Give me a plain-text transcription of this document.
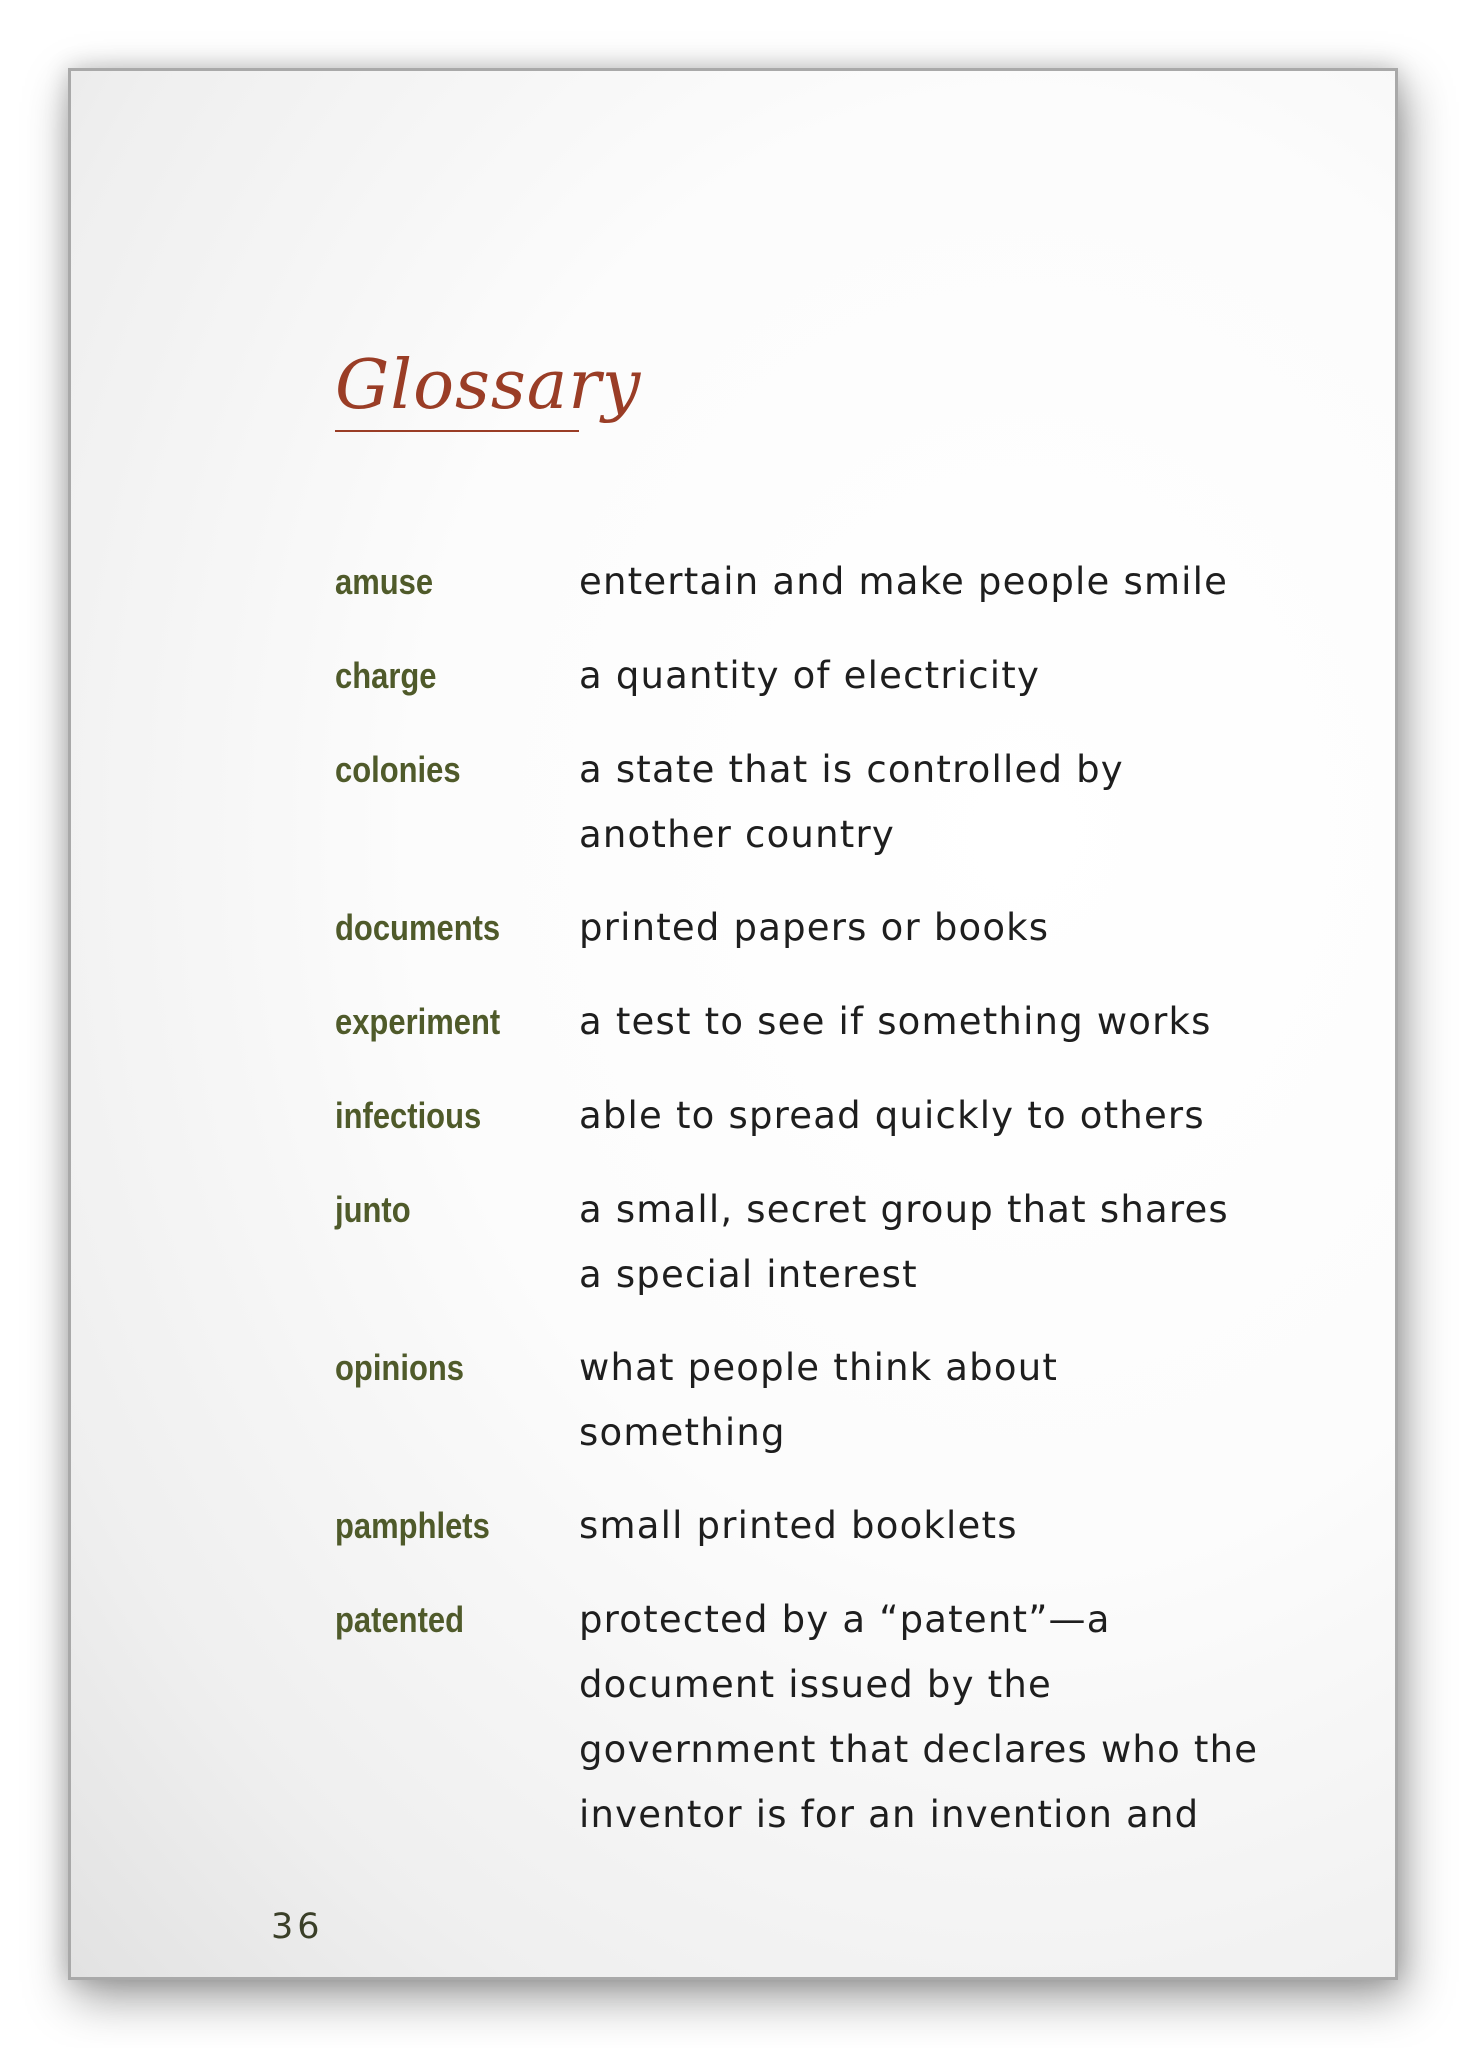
Glossary
amuse	entertain and make people smile
charge	a quantity of electricity
colonies	a state that is controlled by another country
documents	printed papers or books
experiment	a test to see if something works
infectious	able to spread quickly to others
junto	a small, secret group that shares a special interest
opinions	what people think about something
pamphlets	small printed booklets
patented	protected by a “patent”—a document issued by the government that declares who the inventor is for an invention and
36
